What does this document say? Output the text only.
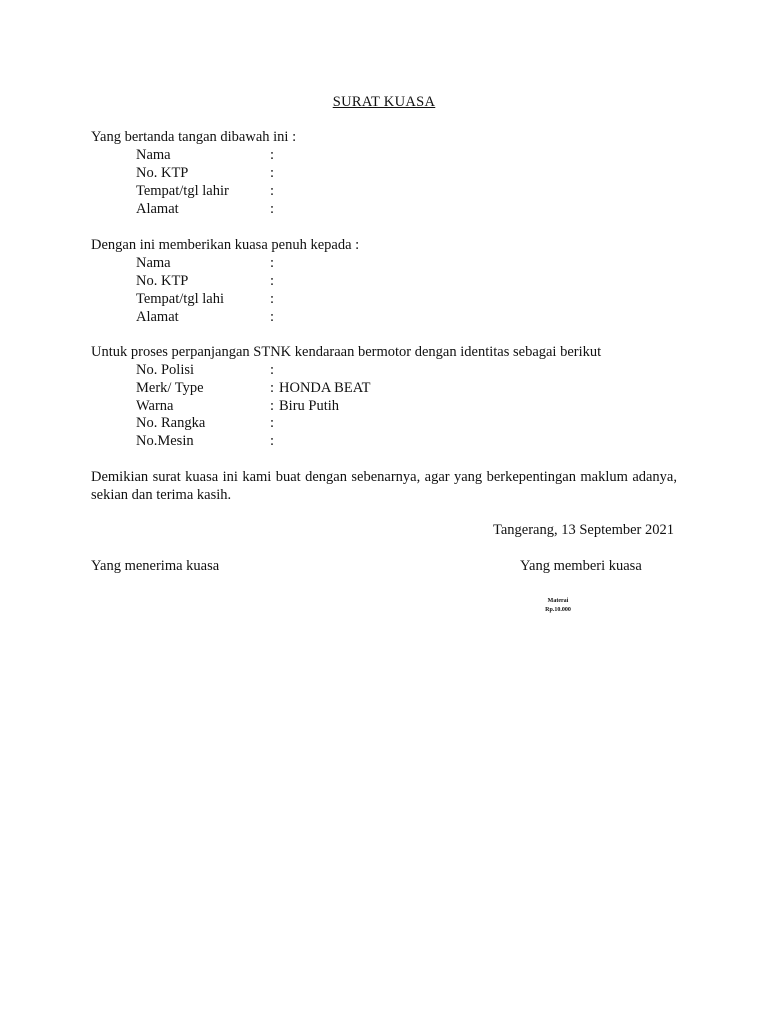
SURAT KUASA
Yang bertanda tangan dibawah ini :
Nama	:
No. KTP	:
Tempat/tgl lahir	:
Alamat	:
Dengan ini memberikan kuasa penuh kepada :
Nama	:
No. KTP	:
Tempat/tgl lahi	:
Alamat	:
Untuk proses perpanjangan STNK kendaraan bermotor dengan identitas sebagai berikut
No. Polisi	:
Merk/ Type	: HONDA BEAT
Warna	: Biru Putih
No. Rangka	:
No.Mesin	:
Demikian surat kuasa ini kami buat dengan sebenarnya, agar yang berkepentingan maklum adanya, sekian dan terima kasih.
Tangerang, 13 September 2021
Yang menerima kuasa	Yang memberi kuasa
Materai
Rp.10.000
